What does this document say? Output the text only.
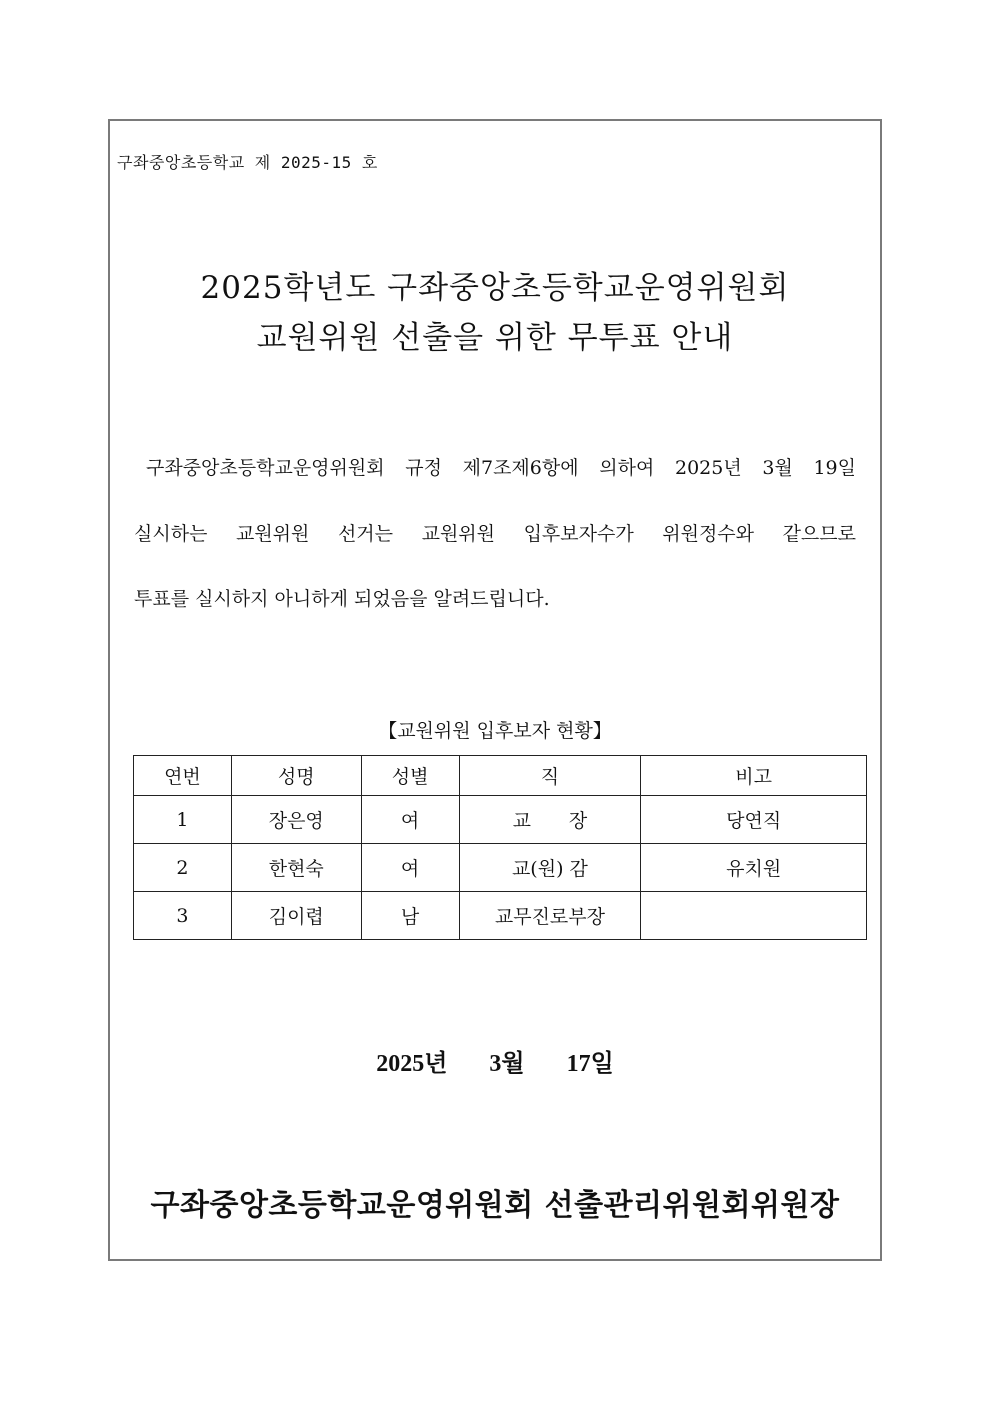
구좌중앙초등학교 제 2025-15 호
2025학년도 구좌중앙초등학교운영위원회
교원위원 선출을 위한 무투표 안내
구좌중앙초등학교운영위원회 규정 제7조제6항에 의하여 2025년 3월 19일
실시하는 교원위원 선거는 교원위원 입후보자수가 위원정수와 같으므로
투표를 실시하지 아니하게 되었음을 알려드립니다.
【교원위원 입후보자 현황】
연번	성명	성별	직	비고
1	장은영	여	교　　장	당연직
2	한현숙	여	교(원) 감	유치원
3	김이렵	남	교무진로부장	
2025년 3월 17일
구좌중앙초등학교운영위원회 선출관리위원회위원장
